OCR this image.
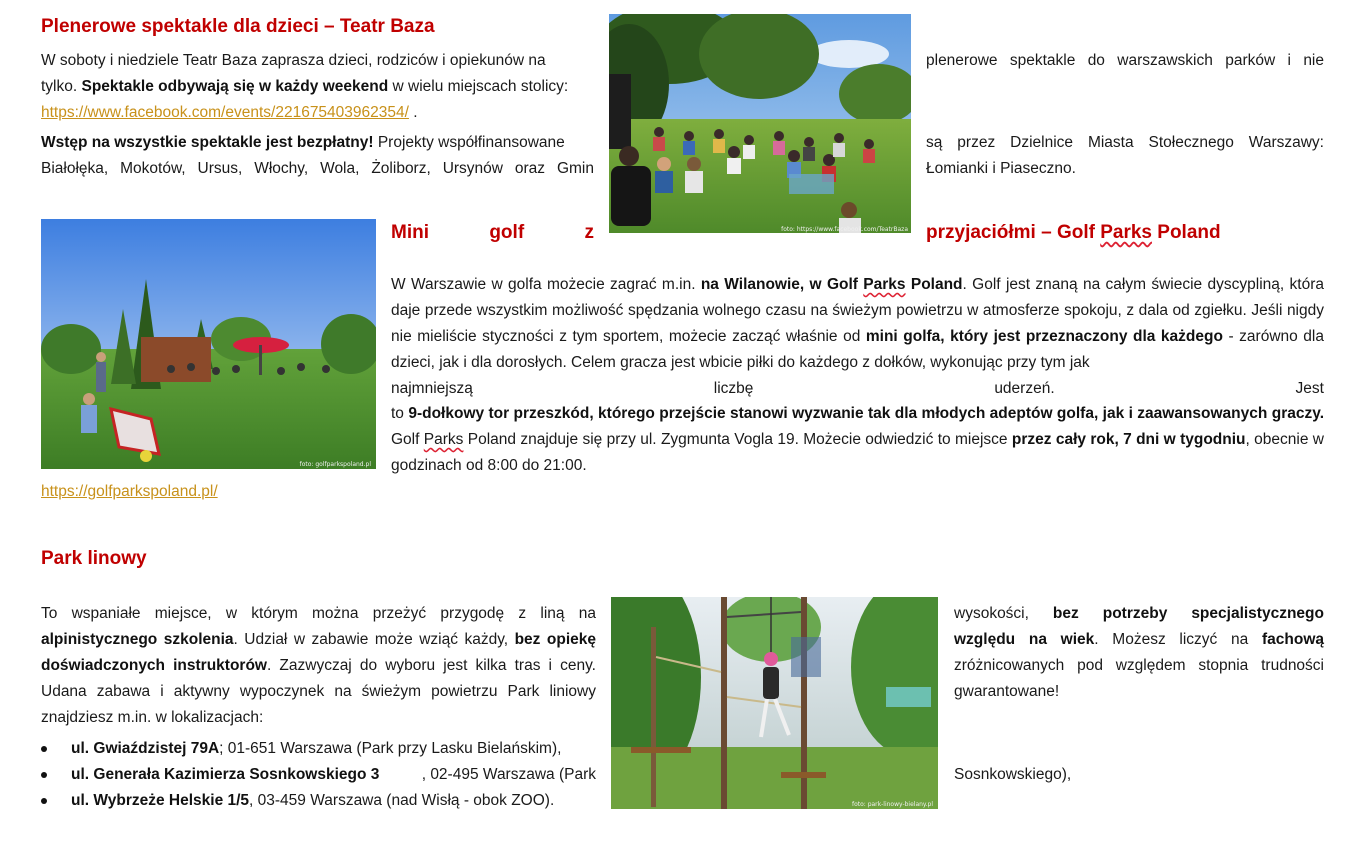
Plenerowe spektakle dla dzieci – Teatr Baza
W soboty i niedziele Teatr Baza zaprasza dzieci, rodziców i opiekunów na	plenerowe spektakle do warszawskich parków i nie
tylko. Spektakle odbywają się w każdy weekend w wielu miejscach stolicy:
https://www.facebook.com/events/221675403962354/ .
Wstęp na wszystkie spektakle jest bezpłatny! Projekty współfinansowane	są przez Dzielnice Miasta Stołecznego Warszawy:
Białołęka, Mokotów, Ursus, Włochy, Wola, Żoliborz, Ursynów oraz Gmin	Łomianki i Piaseczno.
foto: https://www.facebook.com/TeatrBaza
foto: golfparkspoland.pl
Mini	golf	z	przyjaciółmi – Golf Parks Poland
W Warszawie w golfa możecie zagrać m.in. na Wilanowie, w Golf Parks Poland. Golf jest znaną na całym świecie dyscypliną, która daje przede wszystkim możliwość spędzania wolnego czasu na świeżym powietrzu w atmosferze spokoju, z dala od zgiełku. Jeśli nigdy nie mieliście styczności z tym sportem, możecie zacząć właśnie od mini golfa, który jest przeznaczony dla każdego - zarówno dla dzieci, jak i dla dorosłych. Celem gracza jest wbicie piłki do każdego z dołków, wykonując przy tym jak
najmniejszą	liczbę	uderzeń.	Jest
to 9-dołkowy tor przeszkód, którego przejście stanowi wyzwanie tak dla młodych adeptów golfa, jak i zaawansowanych graczy. Golf Parks Poland znajduje się przy ul. Zygmunta Vogla 19. Możecie odwiedzić to miejsce przez cały rok, 7 dni w tygodniu, obecnie w godzinach od 8:00 do 21:00.
https://golfparkspoland.pl/
Park linowy
To wspaniałe miejsce, w którym można przeżyć przygodę z liną na alpinistycznego szkolenia. Udział w zabawie może wziąć każdy, bez opiekę doświadczonych instruktorów. Zazwyczaj do wyboru jest kilka tras i ceny. Udana zabawa i aktywny wypoczynek na świeżym powietrzu Park liniowy znajdziesz m.in. w lokalizacjach:
wysokości, bez potrzeby specjalistycznego względu na wiek. Możesz liczyć na fachową zróżnicowanych pod względem stopnia trudności gwarantowane!
ul. Gwiaździstej 79A; 01-651 Warszawa (Park przy Lasku Bielańskim),
ul. Generała Kazimierza Sosnkowskiego 3	, 02-495 Warszawa (Park
ul. Wybrzeże Helskie 1/5, 03-459 Warszawa (nad Wisłą - obok ZOO).
Sosnkowskiego),
foto: park-linowy-bielany.pl
